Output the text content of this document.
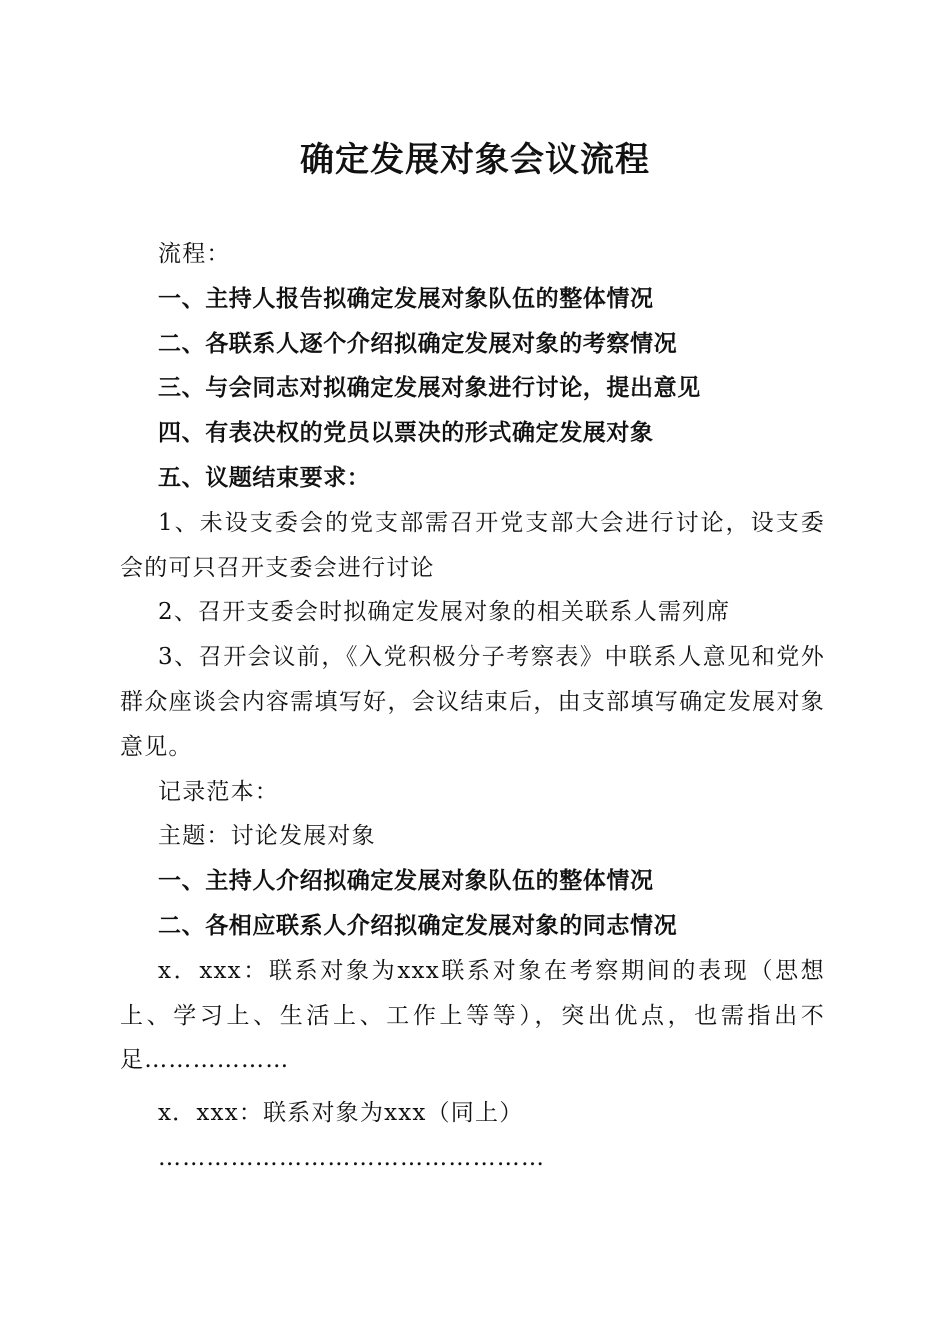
确定发展对象会议流程

流程：

一、主持人报告拟确定发展对象队伍的整体情况

二、各联系人逐个介绍拟确定发展对象的考察情况

三、与会同志对拟确定发展对象进行讨论，提出意见

四、有表决权的党员以票决的形式确定发展对象

五、议题结束要求：

1、未设支委会的党支部需召开党支部大会进行讨论，设支委会的可只召开支委会进行讨论

2、召开支委会时拟确定发展对象的相关联系人需列席

3、召开会议前，《入党积极分子考察表》中联系人意见和党外群众座谈会内容需填写好，会议结束后，由支部填写确定发展对象意见。

记录范本：

主题：讨论发展对象

一、主持人介绍拟确定发展对象队伍的整体情况

二、各相应联系人介绍拟确定发展对象的同志情况

x．xxx：联系对象为xxx联系对象在考察期间的表现（思想上、学习上、生活上、工作上等等），突出优点，也需指出不足………………

x．xxx：联系对象为xxx（同上）

…………………………………………
